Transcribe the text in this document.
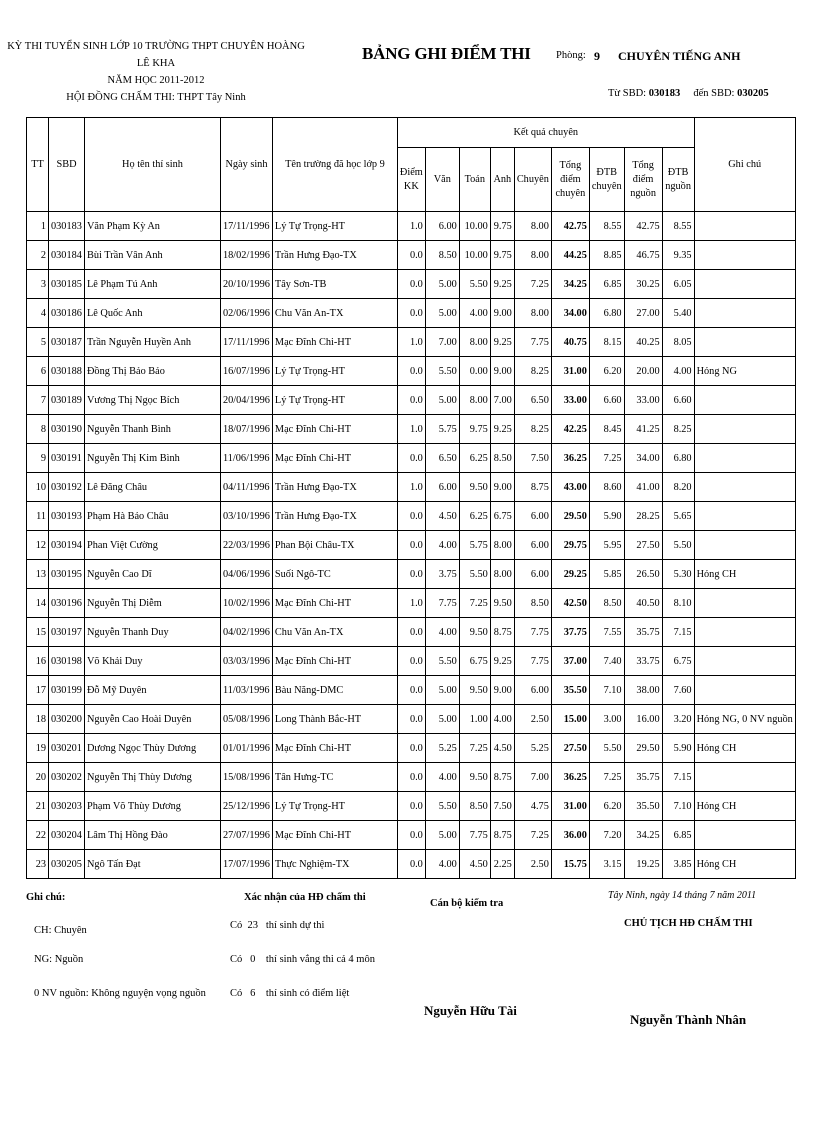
KỲ THI TUYỂN SINH LỚP 10 TRƯỜNG THPT CHUYÊN HOÀNG LÊ KHA
NĂM HỌC 2011-2012
HỘI ĐỒNG CHẤM THI: THPT Tây Ninh
BẢNG GHI ĐIỂM THI Phòng: 9 CHUYÊN TIẾNG ANH
Từ SBD: 030183 đến SBD: 030205
TT	SBD	Họ tên thí sinh	Ngày sinh	Tên trường đã học lớp 9	Kết quả chuyên									Ghi chú
					Điểm KK	Văn	Toán	Anh	Chuyên	Tổng điểm chuyên	ĐTB chuyên	Tổng điểm nguồn	ĐTB nguồn	
1	030183	Văn Phạm Kỳ An	17/11/1996	Lý Tự Trọng-HT	1.0	6.00	10.00	9.75	8.00	42.75	8.55	42.75	8.55	
2	030184	Bùi Trần Vân Anh	18/02/1996	Trần Hưng Đạo-TX	0.0	8.50	10.00	9.75	8.00	44.25	8.85	46.75	9.35	
3	030185	Lê Phạm Tú Anh	20/10/1996	Tây Sơn-TB	0.0	5.00	5.50	9.25	7.25	34.25	6.85	30.25	6.05	
4	030186	Lê Quốc Anh	02/06/1996	Chu Văn An-TX	0.0	5.00	4.00	9.00	8.00	34.00	6.80	27.00	5.40	
5	030187	Trần Nguyễn Huyền Anh	17/11/1996	Mạc Đĩnh Chi-HT	1.0	7.00	8.00	9.25	7.75	40.75	8.15	40.25	8.05	
6	030188	Đồng Thị Bảo Bảo	16/07/1996	Lý Tự Trọng-HT	0.0	5.50	0.00	9.00	8.25	31.00	6.20	20.00	4.00	Hỏng NG
7	030189	Vương Thị Ngọc Bích	20/04/1996	Lý Tự Trọng-HT	0.0	5.00	8.00	7.00	6.50	33.00	6.60	33.00	6.60	
8	030190	Nguyễn Thanh Bình	18/07/1996	Mạc Đĩnh Chi-HT	1.0	5.75	9.75	9.25	8.25	42.25	8.45	41.25	8.25	
9	030191	Nguyễn Thị Kim Bình	11/06/1996	Mạc Đĩnh Chi-HT	0.0	6.50	6.25	8.50	7.50	36.25	7.25	34.00	6.80	
10	030192	Lê Đăng Châu	04/11/1996	Trần Hưng Đạo-TX	1.0	6.00	9.50	9.00	8.75	43.00	8.60	41.00	8.20	
11	030193	Phạm Hà Bảo Châu	03/10/1996	Trần Hưng Đạo-TX	0.0	4.50	6.25	6.75	6.00	29.50	5.90	28.25	5.65	
12	030194	Phan Việt Cường	22/03/1996	Phan Bội Châu-TX	0.0	4.00	5.75	8.00	6.00	29.75	5.95	27.50	5.50	
13	030195	Nguyễn Cao Dĩ	04/06/1996	Suối Ngô-TC	0.0	3.75	5.50	8.00	6.00	29.25	5.85	26.50	5.30	Hỏng CH
14	030196	Nguyễn Thị Diễm	10/02/1996	Mạc Đĩnh Chi-HT	1.0	7.75	7.25	9.50	8.50	42.50	8.50	40.50	8.10	
15	030197	Nguyễn Thanh Duy	04/02/1996	Chu Văn An-TX	0.0	4.00	9.50	8.75	7.75	37.75	7.55	35.75	7.15	
16	030198	Võ Khải Duy	03/03/1996	Mạc Đĩnh Chi-HT	0.0	5.50	6.75	9.25	7.75	37.00	7.40	33.75	6.75	
17	030199	Đỗ Mỹ Duyên	11/03/1996	Bàu Năng-DMC	0.0	5.00	9.50	9.00	6.00	35.50	7.10	38.00	7.60	
18	030200	Nguyễn Cao Hoài Duyên	05/08/1996	Long Thành Bắc-HT	0.0	5.00	1.00	4.00	2.50	15.00	3.00	16.00	3.20	Hỏng NG, 0 NV nguồn
19	030201	Dương Ngọc Thùy Dương	01/01/1996	Mạc Đĩnh Chi-HT	0.0	5.25	7.25	4.50	5.25	27.50	5.50	29.50	5.90	Hỏng CH
20	030202	Nguyễn Thị Thùy Dương	15/08/1996	Tân Hưng-TC	0.0	4.00	9.50	8.75	7.00	36.25	7.25	35.75	7.15	
21	030203	Phạm Võ Thùy Dương	25/12/1996	Lý Tự Trọng-HT	0.0	5.50	8.50	7.50	4.75	31.00	6.20	35.50	7.10	Hỏng CH
22	030204	Lâm Thị Hồng Đào	27/07/1996	Mạc Đĩnh Chi-HT	0.0	5.00	7.75	8.75	7.25	36.00	7.20	34.25	6.85	
23	030205	Ngô Tấn Đạt	17/07/1996	Thực Nghiệm-TX	0.0	4.00	4.50	2.25	2.50	15.75	3.15	19.25	3.85	Hỏng CH
Ghi chú:
CH: Chuyên
NG: Nguồn
0 NV nguồn: Không nguyện vọng nguồn
Xác nhận của HĐ chấm thi
Có 23 thí sinh dự thi
Có 0 thí sinh vắng thi cả 4 môn
Có 6 thí sinh có điểm liệt
Cán bộ kiểm tra
Nguyễn Hữu Tài
Tây Ninh, ngày 14 tháng 7 năm 2011
CHỦ TỊCH HĐ CHẤM THI
Nguyễn Thành Nhân
